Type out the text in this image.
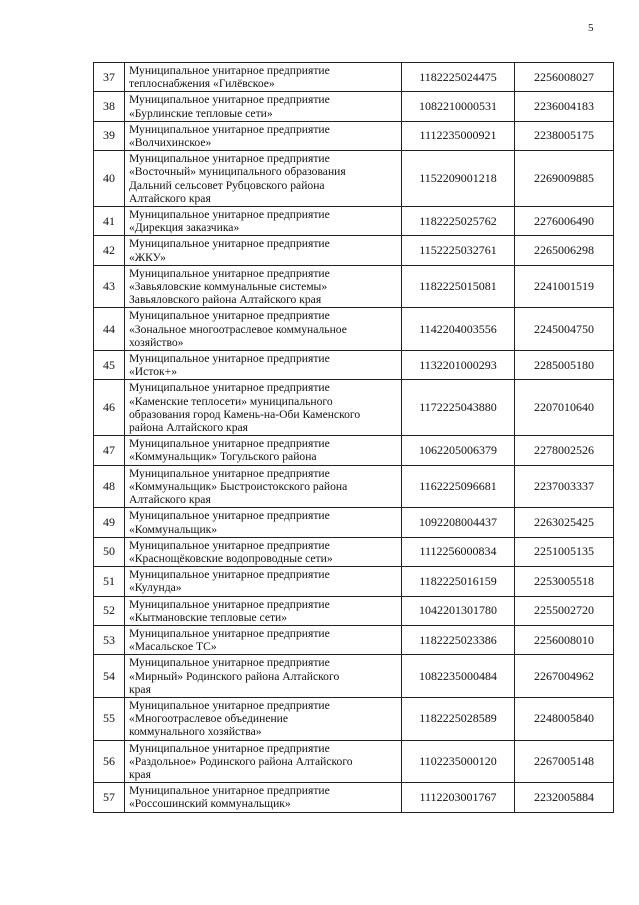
5
37	Муниципальное унитарное предприятие
теплоснабжения «Гилёвское»	1182225024475	2256008027
38	Муниципальное унитарное предприятие
«Бурлинские тепловые сети»	1082210000531	2236004183
39	Муниципальное унитарное предприятие
«Волчихинское»	1112235000921	2238005175
40	Муниципальное унитарное предприятие
«Восточный» муниципального образования
Дальний сельсовет Рубцовского района
Алтайского края	1152209001218	2269009885
41	Муниципальное унитарное предприятие
«Дирекция заказчика»	1182225025762	2276006490
42	Муниципальное унитарное предприятие
«ЖКУ»	1152225032761	2265006298
43	Муниципальное унитарное предприятие
«Завьяловские коммунальные системы»
Завьяловского района Алтайского края	1182225015081	2241001519
44	Муниципальное унитарное предприятие
«Зональное многоотраслевое коммунальное
хозяйство»	1142204003556	2245004750
45	Муниципальное унитарное предприятие
«Исток+»	1132201000293	2285005180
46	Муниципальное унитарное предприятие
«Каменские теплосети» муниципального
образования город Камень-на-Оби Каменского
района Алтайского края	1172225043880	2207010640
47	Муниципальное унитарное предприятие
«Коммунальщик» Тогульского района	1062205006379	2278002526
48	Муниципальное унитарное предприятие
«Коммунальщик» Быстроистокского района
Алтайского края	1162225096681	2237003337
49	Муниципальное унитарное предприятие
«Коммунальщик»	1092208004437	2263025425
50	Муниципальное унитарное предприятие
«Краснощёковские водопроводные сети»	1112256000834	2251005135
51	Муниципальное унитарное предприятие
«Кулунда»	1182225016159	2253005518
52	Муниципальное унитарное предприятие
«Кытмановские тепловые сети»	1042201301780	2255002720
53	Муниципальное унитарное предприятие
«Масальское ТС»	1182225023386	2256008010
54	Муниципальное унитарное предприятие
«Мирный» Родинского района Алтайского
края	1082235000484	2267004962
55	Муниципальное унитарное предприятие
«Многоотраслевое объединение
коммунального хозяйства»	1182225028589	2248005840
56	Муниципальное унитарное предприятие
«Раздольное» Родинского района Алтайского
края	1102235000120	2267005148
57	Муниципальное унитарное предприятие
«Россошинский коммунальщик»	1112203001767	2232005884
